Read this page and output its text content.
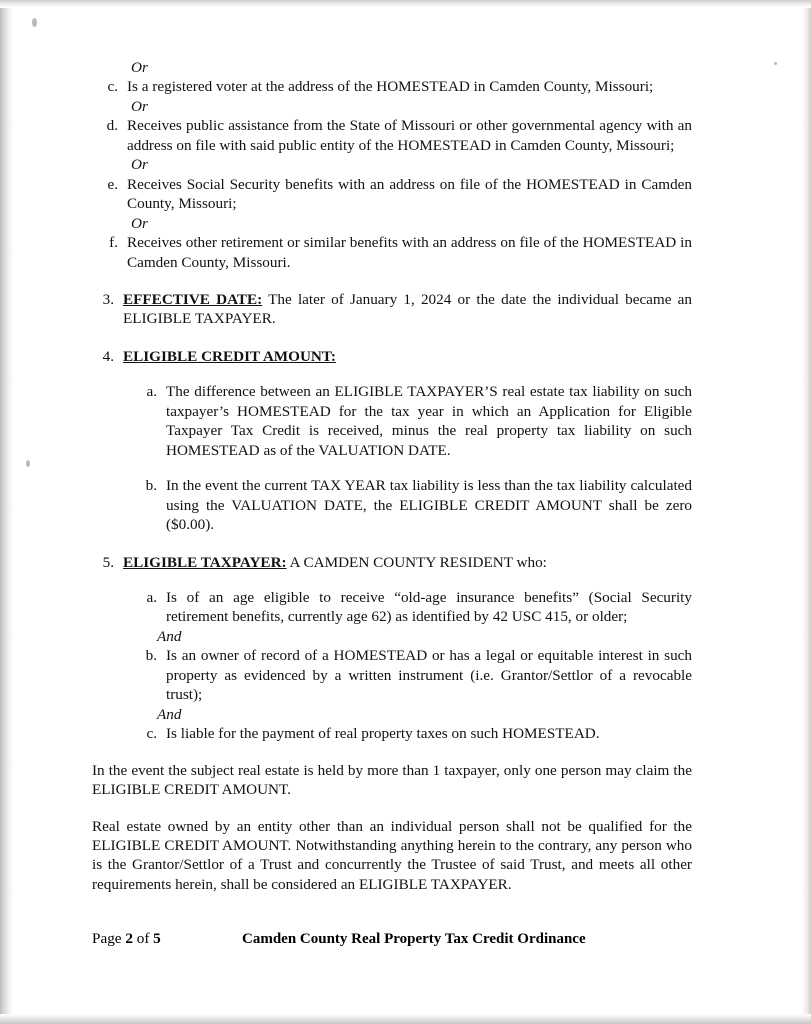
Or

c. Is a registered voter at the address of the HOMESTEAD in Camden County, Missouri;

Or

d. Receives public assistance from the State of Missouri or other governmental agency with an address on file with said public entity of the HOMESTEAD in Camden County, Missouri;

Or

e. Receives Social Security benefits with an address on file of the HOMESTEAD in Camden County, Missouri;

Or

f. Receives other retirement or similar benefits with an address on file of the HOMESTEAD in Camden County, Missouri.
3. EFFECTIVE DATE: The later of January 1, 2024 or the date the individual became an ELIGIBLE TAXPAYER.
4. ELIGIBLE CREDIT AMOUNT:
a. The difference between an ELIGIBLE TAXPAYER’S real estate tax liability on such taxpayer’s HOMESTEAD for the tax year in which an Application for Eligible Taxpayer Tax Credit is received, minus the real property tax liability on such HOMESTEAD as of the VALUATION DATE.
b. In the event the current TAX YEAR tax liability is less than the tax liability calculated using the VALUATION DATE, the ELIGIBLE CREDIT AMOUNT shall be zero ($0.00).
5. ELIGIBLE TAXPAYER: A CAMDEN COUNTY RESIDENT who:
a. Is of an age eligible to receive “old-age insurance benefits” (Social Security retirement benefits, currently age 62) as identified by 42 USC 415, or older;

And

b. Is an owner of record of a HOMESTEAD or has a legal or equitable interest in such property as evidenced by a written instrument (i.e. Grantor/Settlor of a revocable trust);

And

c. Is liable for the payment of real property taxes on such HOMESTEAD.

In the event the subject real estate is held by more than 1 taxpayer, only one person may claim the ELIGIBLE CREDIT AMOUNT.

Real estate owned by an entity other than an individual person shall not be qualified for the ELIGIBLE CREDIT AMOUNT. Notwithstanding anything herein to the contrary, any person who is the Grantor/Settlor of a Trust and concurrently the Trustee of said Trust, and meets all other requirements herein, shall be considered an ELIGIBLE TAXPAYER.

Page 2 of 5	Camden County Real Property Tax Credit Ordinance
